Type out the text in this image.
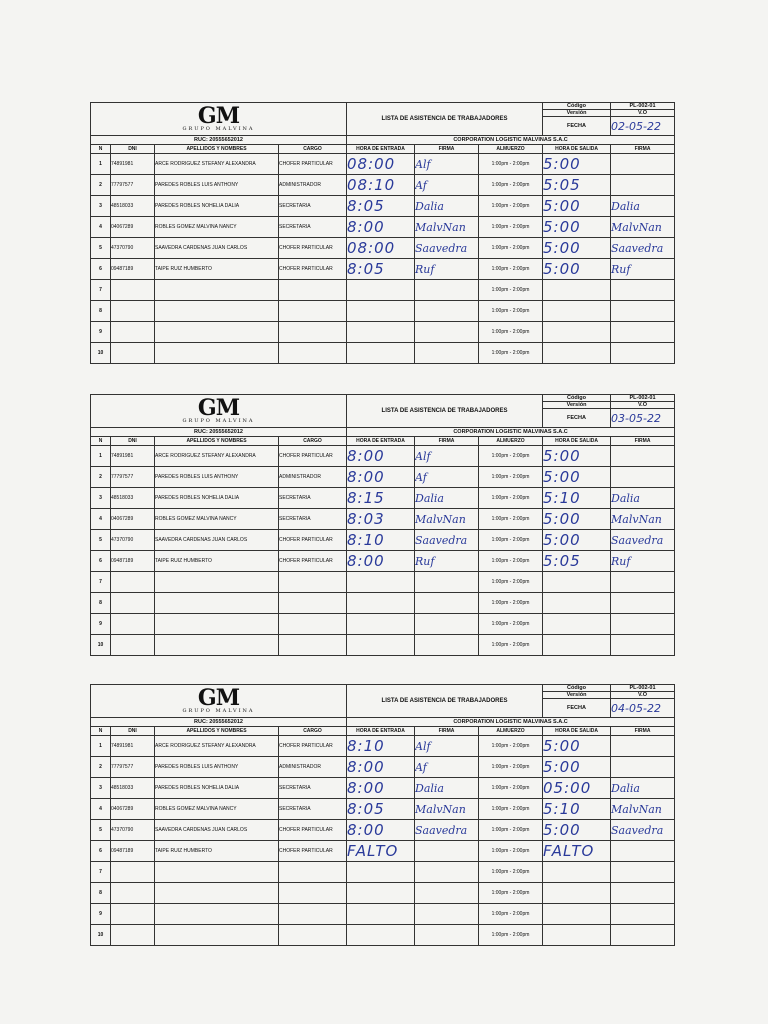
GM
GRUPO MALVINA				LISTA DE ASISTENCIA DE TRABAJADORES			Código	PL-002-01
							Versión	V.O
							FECHA	02-05-22
RUC: 20555652012				CORPORATION LOGISTIC MALVINAS S.A.C				
N	DNI	APELLIDOS Y NOMBRES	CARGO	HORA DE ENTRADA	FIRMA	ALMUERZO	HORA DE SALIDA	FIRMA
1	74891981	ARCE RODRIGUEZ STEFANY ALEXANDRA	CHOFER PARTICULAR	08:00	Alf	1:00pm - 2:00pm	5:00	
2	77797577	PAREDES ROBLES LUIS ANTHONY	ADMINISTRADOR	08:10	Af	1:00pm - 2:00pm	5:05	
3	48518033	PAREDES ROBLES NOHELIA DALIA	SECRETARIA	8:05	Dalia	1:00pm - 2:00pm	5:00	Dalia
4	04067289	ROBLES GOMEZ MALVINA NANCY	SECRETARIA	8:00	MalvNan	1:00pm - 2:00pm	5:00	MalvNan
5	47370790	SAAVEDRA CARDENAS JUAN CARLOS	CHOFER PARTICULAR	08:00	Saavedra	1:00pm - 2:00pm	5:00	Saavedra
6	09487189	TAIPE RUIZ HUMBERTO	CHOFER PARTICULAR	8:05	Ruf	1:00pm - 2:00pm	5:00	Ruf
7						1:00pm - 2:00pm		
8						1:00pm - 2:00pm		
9						1:00pm - 2:00pm		
10						1:00pm - 2:00pm		
GM
GRUPO MALVINA				LISTA DE ASISTENCIA DE TRABAJADORES			Código	PL-002-01
							Versión	V.O
							FECHA	03-05-22
RUC: 20555652012				CORPORATION LOGISTIC MALVINAS S.A.C				
N	DNI	APELLIDOS Y NOMBRES	CARGO	HORA DE ENTRADA	FIRMA	ALMUERZO	HORA DE SALIDA	FIRMA
1	74891981	ARCE RODRIGUEZ STEFANY ALEXANDRA	CHOFER PARTICULAR	8:00	Alf	1:00pm - 2:00pm	5:00	
2	77797577	PAREDES ROBLES LUIS ANTHONY	ADMINISTRADOR	8:00	Af	1:00pm - 2:00pm	5:00	
3	48518033	PAREDES ROBLES NOHELIA DALIA	SECRETARIA	8:15	Dalia	1:00pm - 2:00pm	5:10	Dalia
4	04067289	ROBLES GOMEZ MALVINA NANCY	SECRETARIA	8:03	MalvNan	1:00pm - 2:00pm	5:00	MalvNan
5	47370790	SAAVEDRA CARDENAS JUAN CARLOS	CHOFER PARTICULAR	8:10	Saavedra	1:00pm - 2:00pm	5:00	Saavedra
6	09487189	TAIPE RUIZ HUMBERTO	CHOFER PARTICULAR	8:00	Ruf	1:00pm - 2:00pm	5:05	Ruf
7						1:00pm - 2:00pm		
8						1:00pm - 2:00pm		
9						1:00pm - 2:00pm		
10						1:00pm - 2:00pm		
GM
GRUPO MALVINA				LISTA DE ASISTENCIA DE TRABAJADORES			Código	PL-002-01
							Versión	V.O
							FECHA	04-05-22
RUC: 20555652012				CORPORATION LOGISTIC MALVINAS S.A.C				
N	DNI	APELLIDOS Y NOMBRES	CARGO	HORA DE ENTRADA	FIRMA	ALMUERZO	HORA DE SALIDA	FIRMA
1	74891981	ARCE RODRIGUEZ STEFANY ALEXANDRA	CHOFER PARTICULAR	8:10	Alf	1:00pm - 2:00pm	5:00	
2	77797577	PAREDES ROBLES LUIS ANTHONY	ADMINISTRADOR	8:00	Af	1:00pm - 2:00pm	5:00	
3	48518033	PAREDES ROBLES NOHELIA DALIA	SECRETARIA	8:00	Dalia	1:00pm - 2:00pm	05:00	Dalia
4	04067289	ROBLES GOMEZ MALVINA NANCY	SECRETARIA	8:05	MalvNan	1:00pm - 2:00pm	5:10	MalvNan
5	47370790	SAAVEDRA CARDENAS JUAN CARLOS	CHOFER PARTICULAR	8:00	Saavedra	1:00pm - 2:00pm	5:00	Saavedra
6	09487189	TAIPE RUIZ HUMBERTO	CHOFER PARTICULAR	FALTO		1:00pm - 2:00pm	FALTO	
7						1:00pm - 2:00pm		
8						1:00pm - 2:00pm		
9						1:00pm - 2:00pm		
10						1:00pm - 2:00pm		
